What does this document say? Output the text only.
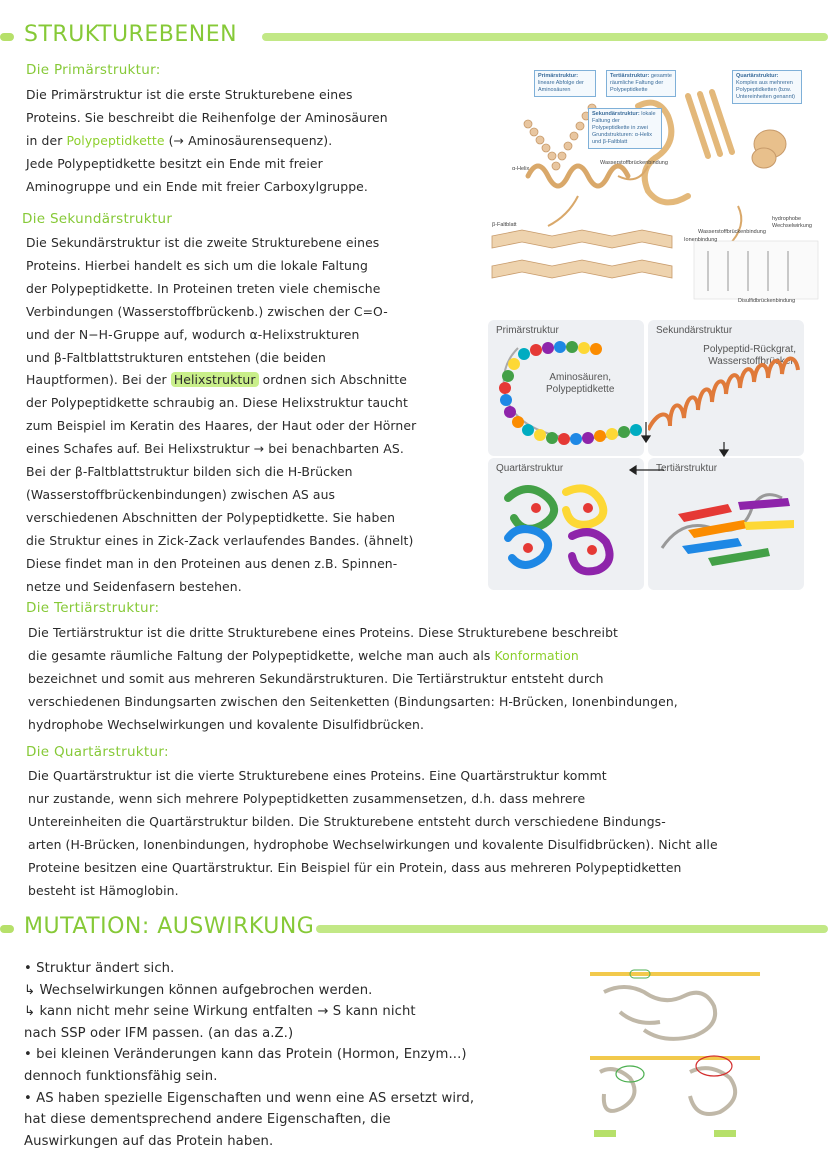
STRUKTUREBENEN
Die Primärstruktur:

Die Primärstruktur ist die erste Strukturebene eines

Proteins. Sie beschreibt die Reihenfolge der Aminosäuren

in der Polypeptidkette (→ Aminosäurensequenz).

Jede Polypeptidkette besitzt ein Ende mit freier

Aminogruppe und ein Ende mit freier Carboxylgruppe.

Die Sekundärstruktur

Die Sekundärstruktur ist die zweite Strukturebene eines

Proteins. Hierbei handelt es sich um die lokale Faltung

der Polypeptidkette. In Proteinen treten viele chemische

Verbindungen (Wasserstoffbrückenb.) zwischen der C=O-

und der N−H-Gruppe auf, wodurch α-Helixstrukturen

und β-Faltblattstrukturen entstehen (die beiden

Hauptformen). Bei der Helixstruktur ordnen sich Abschnitte

der Polypeptidkette schraubig an. Diese Helixstruktur taucht

zum Beispiel im Keratin des Haares, der Haut oder der Hörner

eines Schafes auf. Bei Helixstruktur → bei benachbarten AS.

Bei der β-Faltblattstruktur bilden sich die H-Brücken

(Wasserstoffbrückenbindungen) zwischen AS aus

verschiedenen Abschnitten der Polypeptidkette. Sie haben

die Struktur eines in Zick-Zack verlaufendes Bandes. (ähnelt)

Diese findet man in den Proteinen aus denen z.B. Spinnen-

netze und Seidenfasern bestehen.

Primärstruktur: lineare Abfolge der Aminosäuren
Tertiärstruktur: gesamte räumliche Faltung der Polypeptidkette
Quartärstruktur: Komplex aus mehreren Polypeptidketten (bzw. Untereinheiten genannt)
Sekundärstruktur: lokale Faltung der Polypeptidkette in zwei Grundstrukturen: α-Helix und β-Faltblatt
α-Helix
Wasserstoffbrückenbindung
β-Faltblatt
hydrophobe Wechselwirkung
Wasserstoffbrückenbindung
Ionenbindung
Disulfidbrückenbindung
Primärstruktur
Aminosäuren,
Polypeptidkette
Sekundärstruktur
Polypeptid-Rückgrat,
Wasserstoffbrücken
Quartärstruktur	Tertiärstruktur
Die Tertiärstruktur:

Die Tertiärstruktur ist die dritte Strukturebene eines Proteins. Diese Strukturebene beschreibt

die gesamte räumliche Faltung der Polypeptidkette, welche man auch als Konformation

bezeichnet und somit aus mehreren Sekundärstrukturen. Die Tertiärstruktur entsteht durch

verschiedenen Bindungsarten zwischen den Seitenketten (Bindungsarten: H-Brücken, Ionenbindungen,

hydrophobe Wechselwirkungen und kovalente Disulfidbrücken.

Die Quartärstruktur:

Die Quartärstruktur ist die vierte Strukturebene eines Proteins. Eine Quartärstruktur kommt

nur zustande, wenn sich mehrere Polypeptidketten zusammensetzen, d.h. dass mehrere

Untereinheiten die Quartärstruktur bilden. Die Strukturebene entsteht durch verschiedene Bindungs-

arten (H-Brücken, Ionenbindungen, hydrophobe Wechselwirkungen und kovalente Disulfidbrücken). Nicht alle

Proteine besitzen eine Quartärstruktur. Ein Beispiel für ein Protein, dass aus mehreren Polypeptidketten

besteht ist Hämoglobin.

MUTATION: AUSWIRKUNG

• Struktur ändert sich.

↳ Wechselwirkungen können aufgebrochen werden.

↳ kann nicht mehr seine Wirkung entfalten → S kann nicht

nach SSP oder IFM passen. (an das a.Z.)

• bei kleinen Veränderungen kann das Protein (Hormon, Enzym...)

dennoch funktionsfähig sein.

• AS haben spezielle Eigenschaften und wenn eine AS ersetzt wird,

hat diese dementsprechend andere Eigenschaften, die

Auswirkungen auf das Protein haben.
